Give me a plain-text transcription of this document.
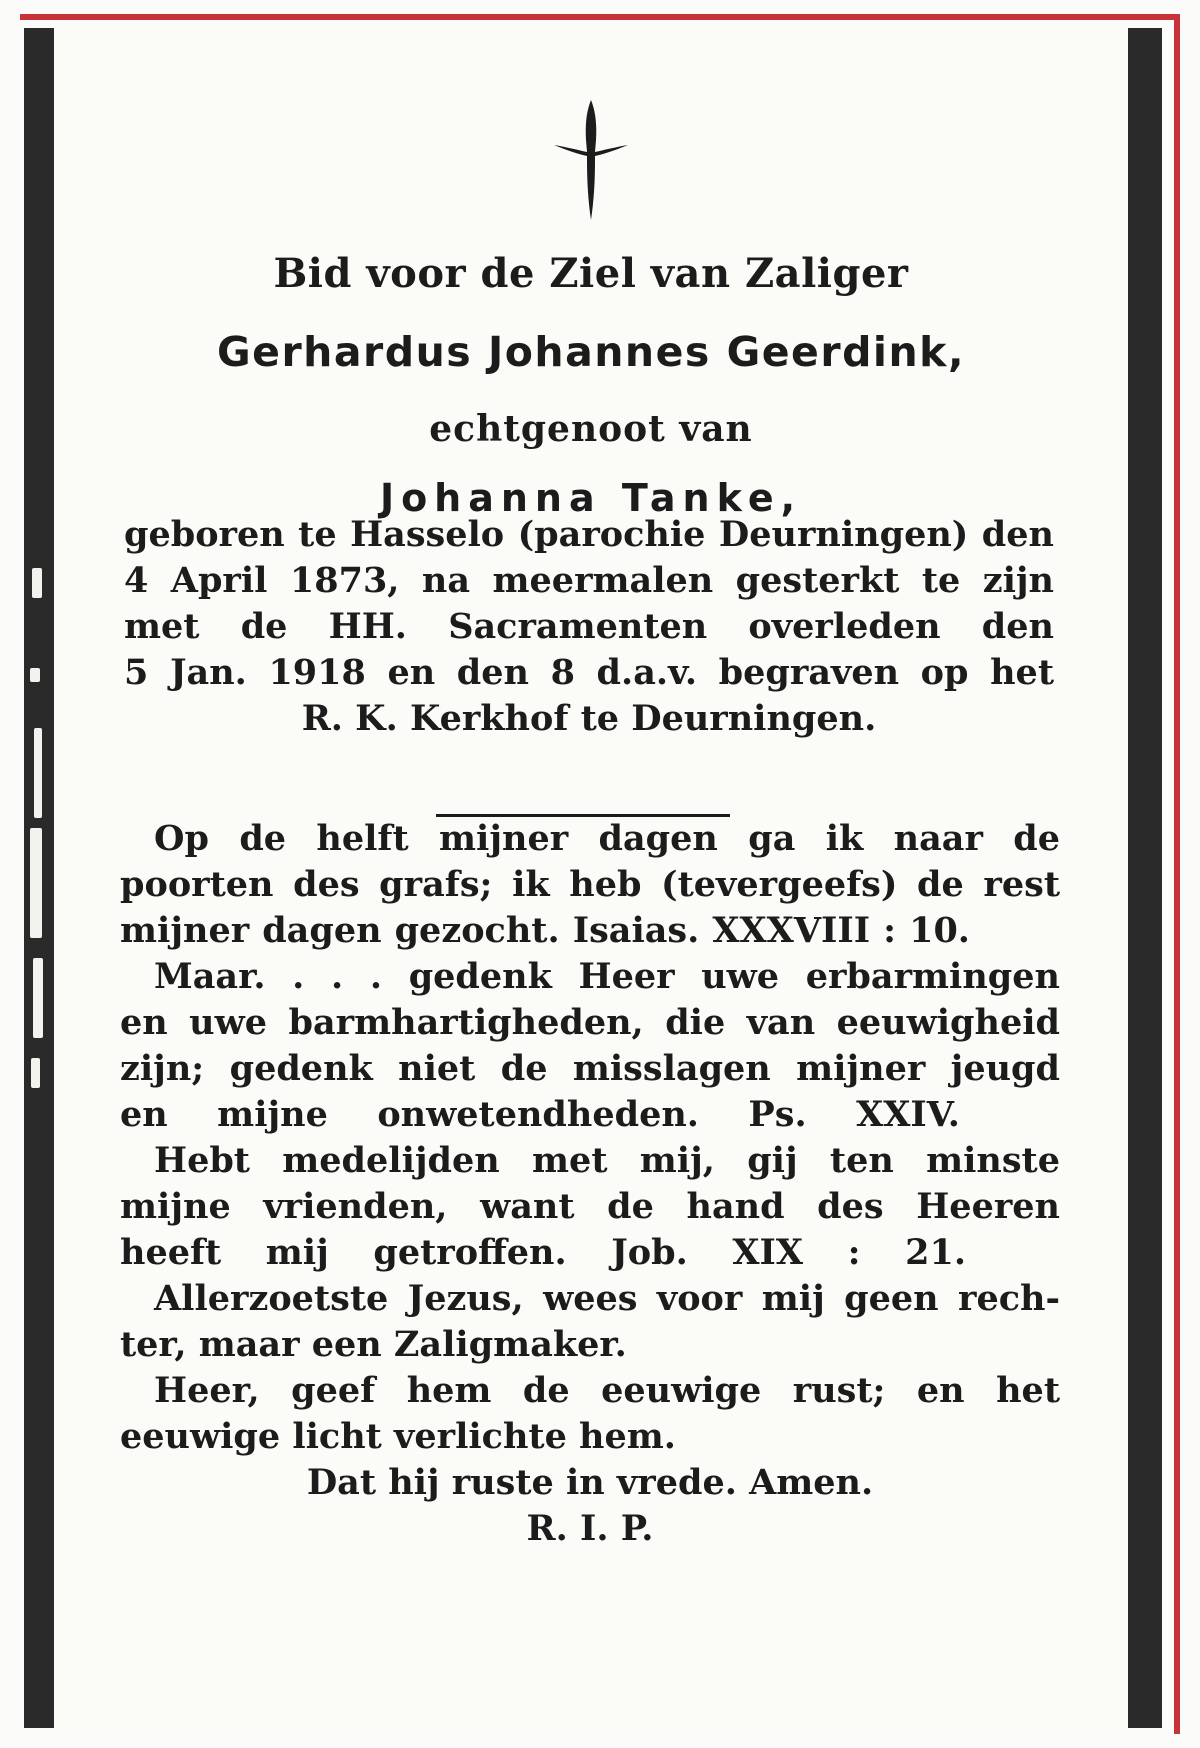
Bid voor de Ziel van Zaliger
Gerhardus Johannes Geerdink,
echtgenoot van
Johanna Tanke,
geboren te Hasselo (parochie Deurningen) den
4 April 1873, na meermalen gesterkt te zijn
met de HH. Sacramenten overleden den
5 Jan. 1918 en den 8 d.a.v. begraven op het
R. K. Kerkhof te Deurningen.
Op de helft mijner dagen ga ik naar de
poorten des grafs; ik heb (tevergeefs) de rest
mijner dagen gezocht. Isaias. XXXVIII : 10.
Maar. . . . gedenk Heer uwe erbarmingen
en uwe barmhartigheden, die van eeuwigheid
zijn; gedenk niet de misslagen mijner jeugd
en mijne onwetendheden. Ps. XXIV.
Hebt medelijden met mij, gij ten minste
mijne vrienden, want de hand des Heeren
heeft mij getroffen. Job. XIX : 21.
Allerzoetste Jezus, wees voor mij geen rech-
ter, maar een Zaligmaker.
Heer, geef hem de eeuwige rust; en het
eeuwige licht verlichte hem.
Dat hij ruste in vrede. Amen.
R. I. P.
